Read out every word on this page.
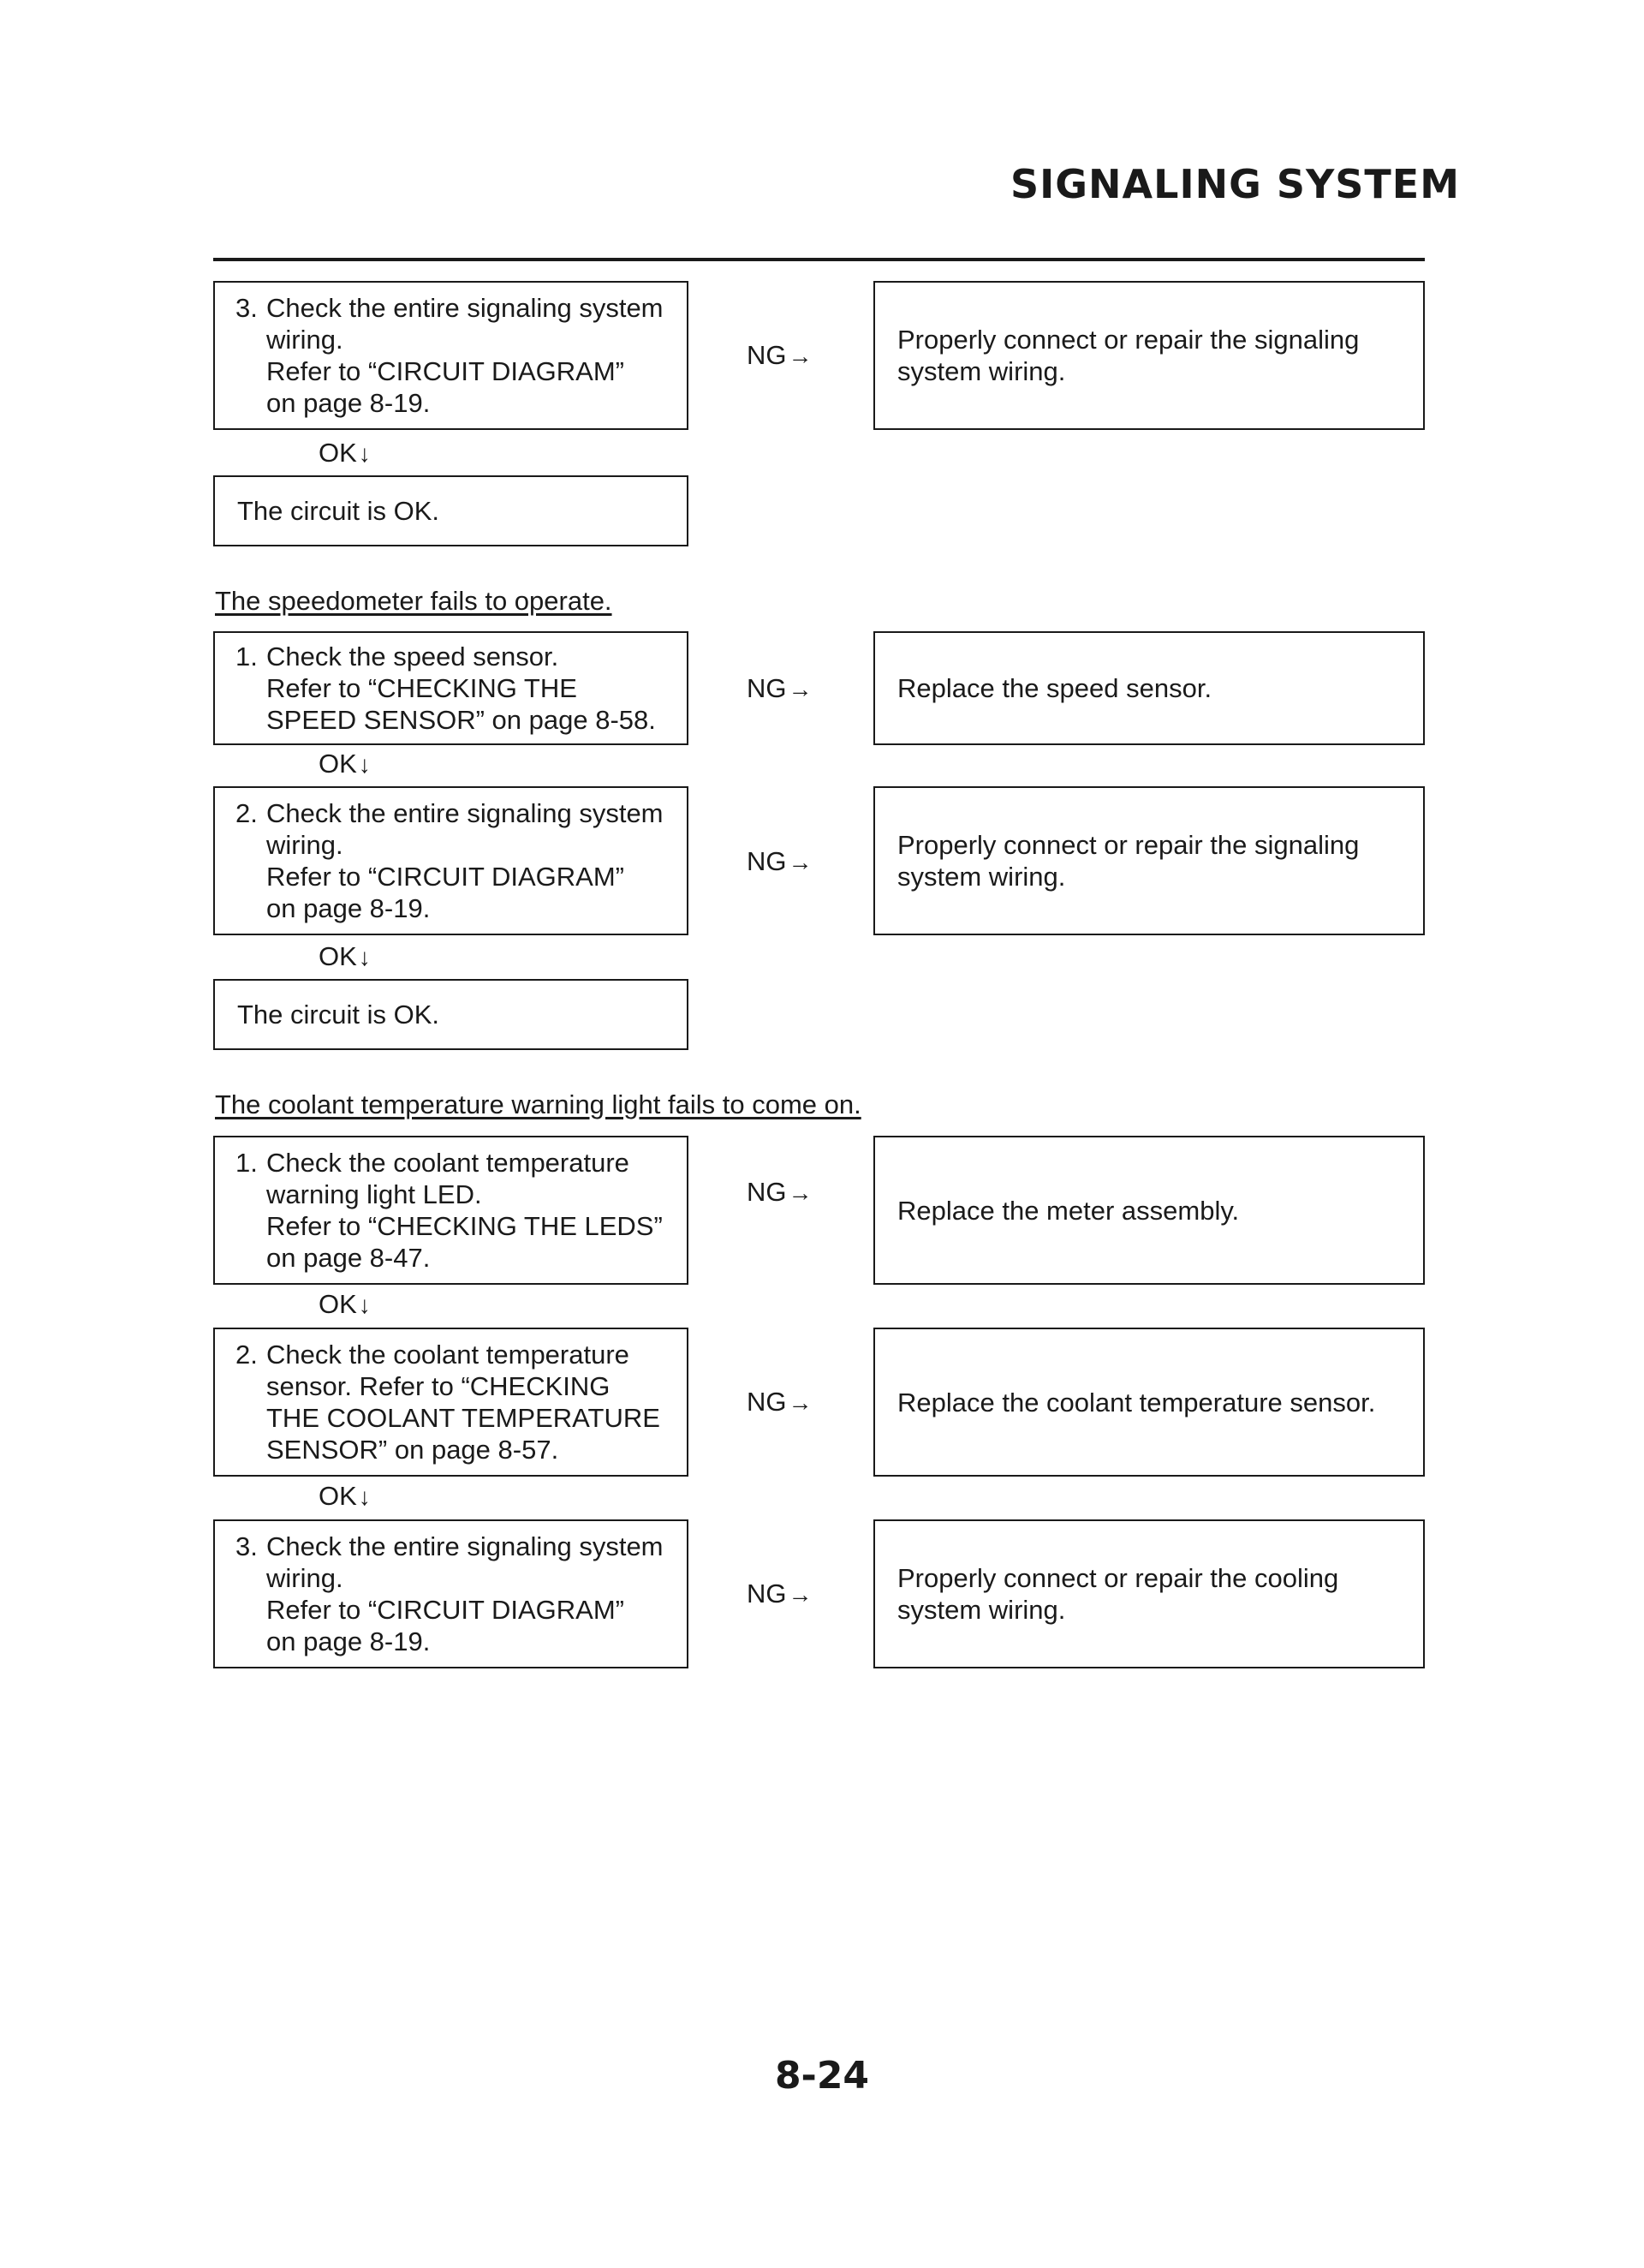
SIGNALING SYSTEM
3. Check the entire signaling system
wiring.
Refer to “CIRCUIT DIAGRAM”
on page 8-19.
NG→
Properly connect or repair the signaling
system wiring.
OK↓
The circuit is OK.
The speedometer fails to operate.
1. Check the speed sensor.
Refer to “CHECKING THE
SPEED SENSOR” on page 8-58.
NG→	Replace the speed sensor.
OK↓
2. Check the entire signaling system
wiring.
Refer to “CIRCUIT DIAGRAM”
on page 8-19.
NG→
Properly connect or repair the signaling
system wiring.
OK↓
The circuit is OK.
The coolant temperature warning light fails to come on.
1. Check the coolant temperature
warning light LED.
Refer to “CHECKING THE LEDS”
on page 8-47.
NG→
Replace the meter assembly.
OK↓
2. Check the coolant temperature
sensor. Refer to “CHECKING
THE COOLANT TEMPERATURE
SENSOR” on page 8-57.
NG→	Replace the coolant temperature sensor.
OK↓
3. Check the entire signaling system
wiring.
Refer to “CIRCUIT DIAGRAM”
on page 8-19.
NG→
Properly connect or repair the cooling
system wiring.
8-24
